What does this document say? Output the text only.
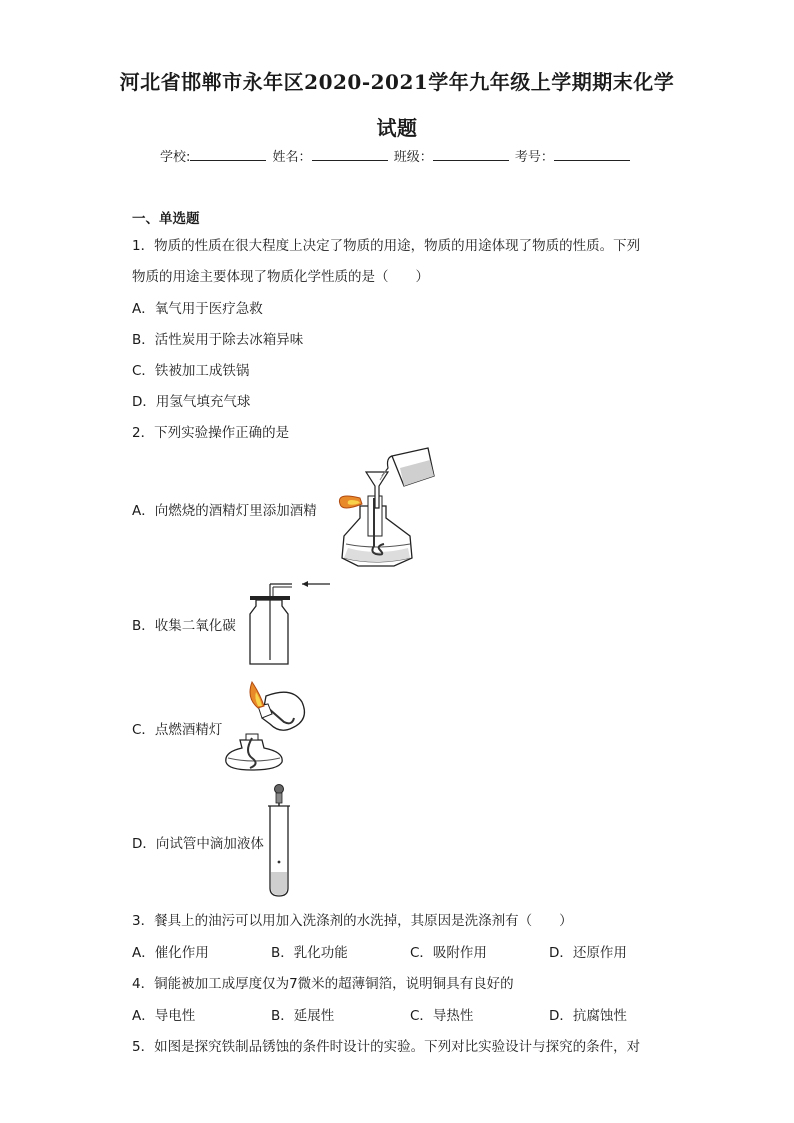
河北省邯郸市永年区2020-2021学年九年级上学期期末化学
试题
学校:	姓名：	班级：	考号：
一、单选题
1．物质的性质在很大程度上决定了物质的用途，物质的用途体现了物质的性质。下列
物质的用途主要体现了物质化学性质的是（　　）
A．氧气用于医疗急救
B．活性炭用于除去冰箱异味
C．铁被加工成铁锅
D．用氢气填充气球
2．下列实验操作正确的是
A．向燃烧的酒精灯里添加酒精
B．收集二氧化碳
C．点燃酒精灯
D．向试管中滴加液体
3．餐具上的油污可以用加入洗涤剂的水洗掉，其原因是洗涤剂有（　　）
A．催化作用	B．乳化功能	C．吸附作用	D．还原作用
4．铜能被加工成厚度仅为7微米的超薄铜箔，说明铜具有良好的
A．导电性	B．延展性	C．导热性	D．抗腐蚀性
5．如图是探究铁制品锈蚀的条件时设计的实验。下列对比实验设计与探究的条件，对
